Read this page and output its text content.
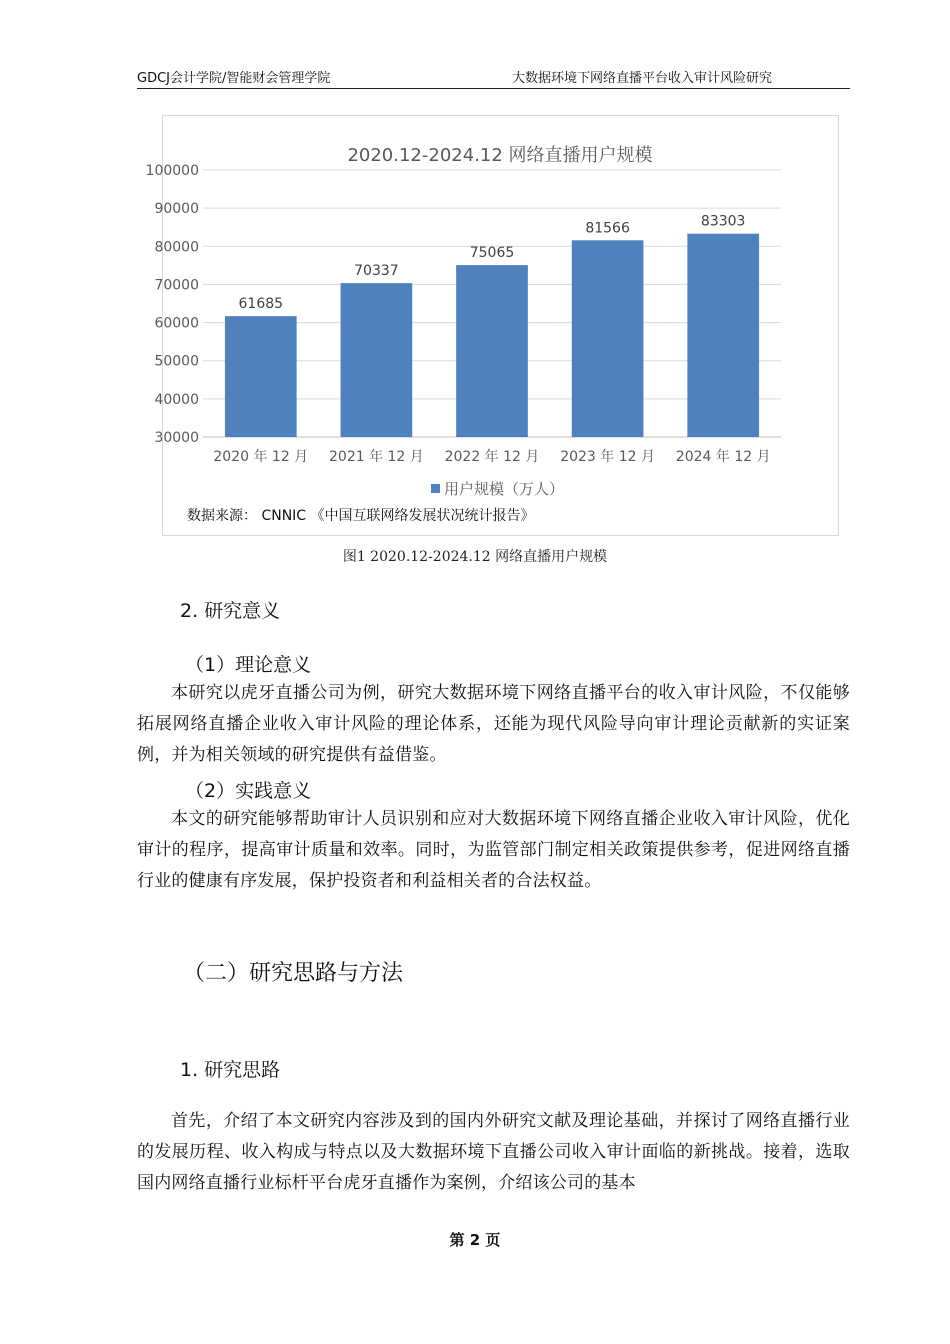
GDCJ会计学院/智能财会管理学院	大数据环境下网络直播平台收入审计风险研究
2020.12-2024.12 网络直播用户规模
30000
40000
50000
60000
70000
80000
90000
100000
61685
2020 年 12 月
70337
2021 年 12 月
75065
2022 年 12 月
81566
2023 年 12 月
83303
2024 年 12 月
用户规模（万人）
数据来源： CNNIC 《中国互联网络发展状况统计报告》
图1 2020.12-2024.12 网络直播用户规模
2. 研究意义
（1）理论意义
本研究以虎牙直播公司为例，研究大数据环境下网络直播平台的收入审计风险，不仅能够拓展网络直播企业收入审计风险的理论体系，还能为现代风险导向审计理论贡献新的实证案例，并为相关领域的研究提供有益借鉴。
（2）实践意义
本文的研究能够帮助审计人员识别和应对大数据环境下网络直播企业收入审计风险，优化审计的程序，提高审计质量和效率。同时，为监管部门制定相关政策提供参考，促进网络直播行业的健康有序发展，保护投资者和利益相关者的合法权益。
（二）研究思路与方法
1. 研究思路
首先，介绍了本文研究内容涉及到的国内外研究文献及理论基础，并探讨了网络直播行业的发展历程、收入构成与特点以及大数据环境下直播公司收入审计面临的新挑战。接着，选取国内网络直播行业标杆平台虎牙直播作为案例，介绍该公司的基本
第 2 页
